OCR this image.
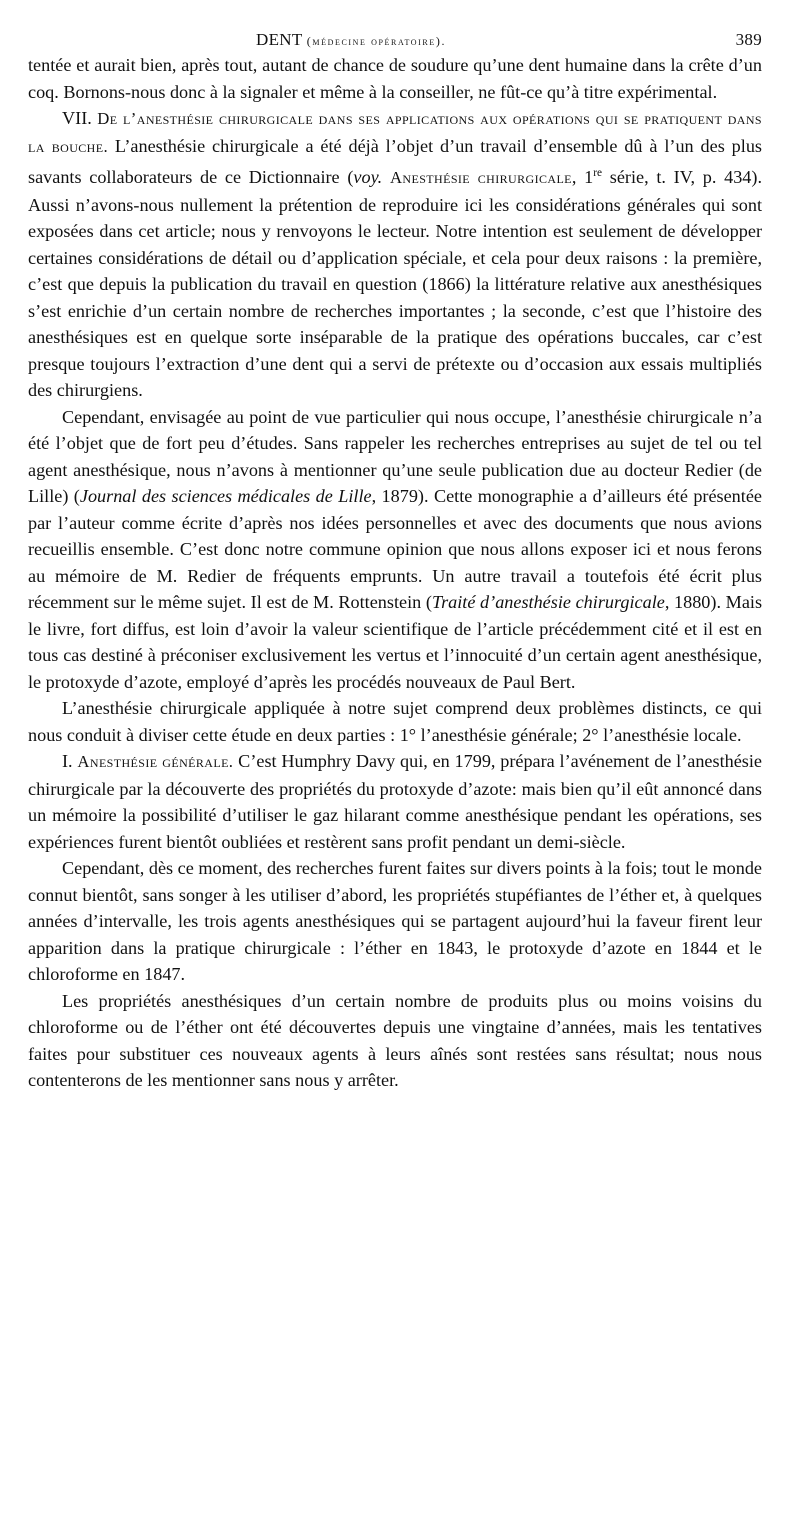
DENT (médecine opératoire).	389

tentée et aurait bien, après tout, autant de chance de soudure qu’une dent humaine dans la crête d’un coq. Bornons-nous donc à la signaler et même à la conseiller, ne fût-ce qu’à titre expérimental.

VII. De l’anesthésie chirurgicale dans ses applications aux opérations qui se pratiquent dans la bouche. L’anesthésie chirurgicale a été déjà l’objet d’un travail d’ensemble dû à l’un des plus savants collaborateurs de ce Dictionnaire (voy. Anesthésie chirurgicale, 1re série, t. IV, p. 434). Aussi n’avons-nous nullement la prétention de reproduire ici les considérations générales qui sont exposées dans cet article; nous y renvoyons le lecteur. Notre intention est seulement de développer certaines considérations de détail ou d’application spéciale, et cela pour deux raisons : la première, c’est que depuis la publication du travail en question (1866) la littérature relative aux anesthésiques s’est enrichie d’un certain nombre de recherches importantes ; la seconde, c’est que l’histoire des anesthésiques est en quelque sorte inséparable de la pratique des opérations buccales, car c’est presque toujours l’extraction d’une dent qui a servi de prétexte ou d’occasion aux essais multipliés des chirurgiens.

Cependant, envisagée au point de vue particulier qui nous occupe, l’anesthésie chirurgicale n’a été l’objet que de fort peu d’études. Sans rappeler les recherches entreprises au sujet de tel ou tel agent anesthésique, nous n’avons à mentionner qu’une seule publication due au docteur Redier (de Lille) (Journal des sciences médicales de Lille, 1879). Cette monographie a d’ailleurs été présentée par l’auteur comme écrite d’après nos idées personnelles et avec des documents que nous avions recueillis ensemble. C’est donc notre commune opinion que nous allons exposer ici et nous ferons au mémoire de M. Redier de fréquents emprunts. Un autre travail a toutefois été écrit plus récemment sur le même sujet. Il est de M. Rottenstein (Traité d’anesthésie chirurgicale, 1880). Mais le livre, fort diffus, est loin d’avoir la valeur scientifique de l’article précédemment cité et il est en tous cas destiné à préconiser exclusivement les vertus et l’innocuité d’un certain agent anesthésique, le protoxyde d’azote, employé d’après les procédés nouveaux de Paul Bert.

L’anesthésie chirurgicale appliquée à notre sujet comprend deux problèmes distincts, ce qui nous conduit à diviser cette étude en deux parties : 1° l’anesthésie générale; 2° l’anesthésie locale.

I. Anesthésie générale. C’est Humphry Davy qui, en 1799, prépara l’avénement de l’anesthésie chirurgicale par la découverte des propriétés du protoxyde d’azote: mais bien qu’il eût annoncé dans un mémoire la possibilité d’utiliser le gaz hilarant comme anesthésique pendant les opérations, ses expériences furent bientôt oubliées et restèrent sans profit pendant un demi-siècle.

Cependant, dès ce moment, des recherches furent faites sur divers points à la fois; tout le monde connut bientôt, sans songer à les utiliser d’abord, les propriétés stupéfiantes de l’éther et, à quelques années d’intervalle, les trois agents anesthésiques qui se partagent aujourd’hui la faveur firent leur apparition dans la pratique chirurgicale : l’éther en 1843, le protoxyde d’azote en 1844 et le chloroforme en 1847.

Les propriétés anesthésiques d’un certain nombre de produits plus ou moins voisins du chloroforme ou de l’éther ont été découvertes depuis une vingtaine d’années, mais les tentatives faites pour substituer ces nouveaux agents à leurs aînés sont restées sans résultat; nous nous contenterons de les mentionner sans nous y arrêter.
